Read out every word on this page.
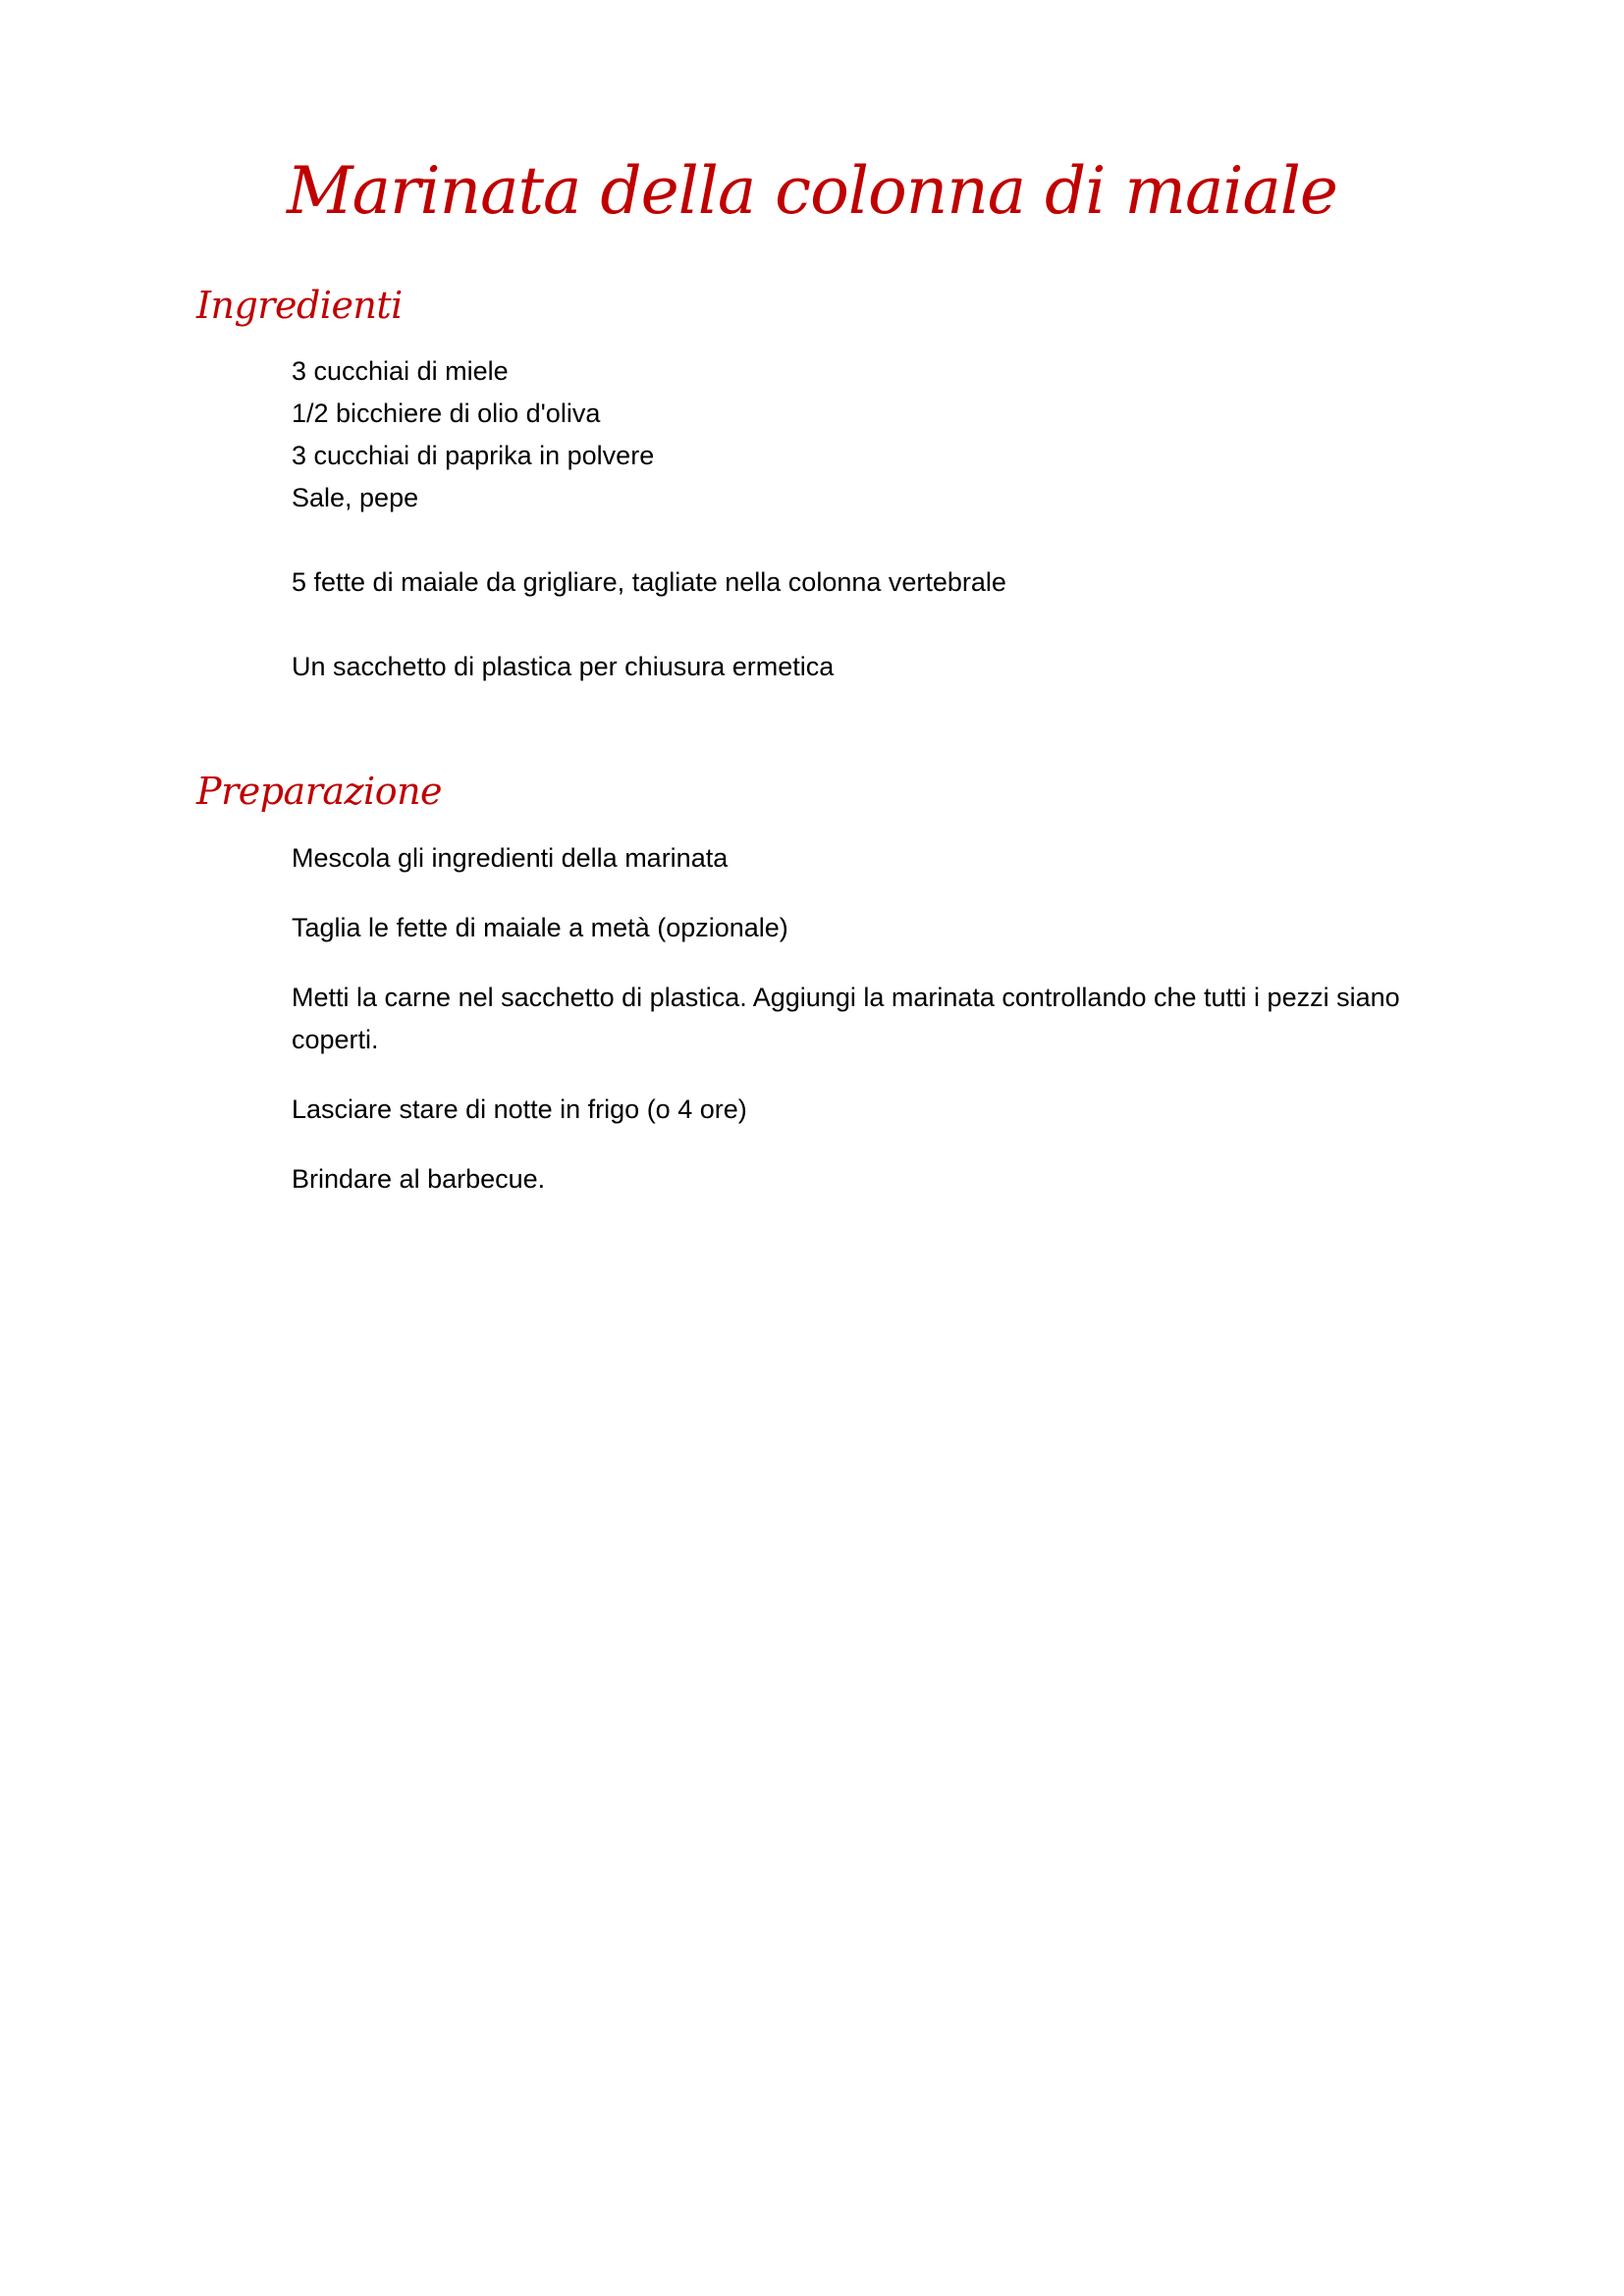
Marinata della colonna di maiale
Ingredienti
3 cucchiai di miele
1/2 bicchiere di olio d'oliva
3 cucchiai di paprika in polvere
Sale, pepe
5 fette di maiale da grigliare, tagliate nella colonna vertebrale
Un sacchetto di plastica per chiusura ermetica
Preparazione
Mescola gli ingredienti della marinata
Taglia le fette di maiale a metà (opzionale)
Metti la carne nel sacchetto di plastica. Aggiungi la marinata controllando che tutti i pezzi siano coperti.
Lasciare stare di notte in frigo (o 4 ore)
Brindare al barbecue.
